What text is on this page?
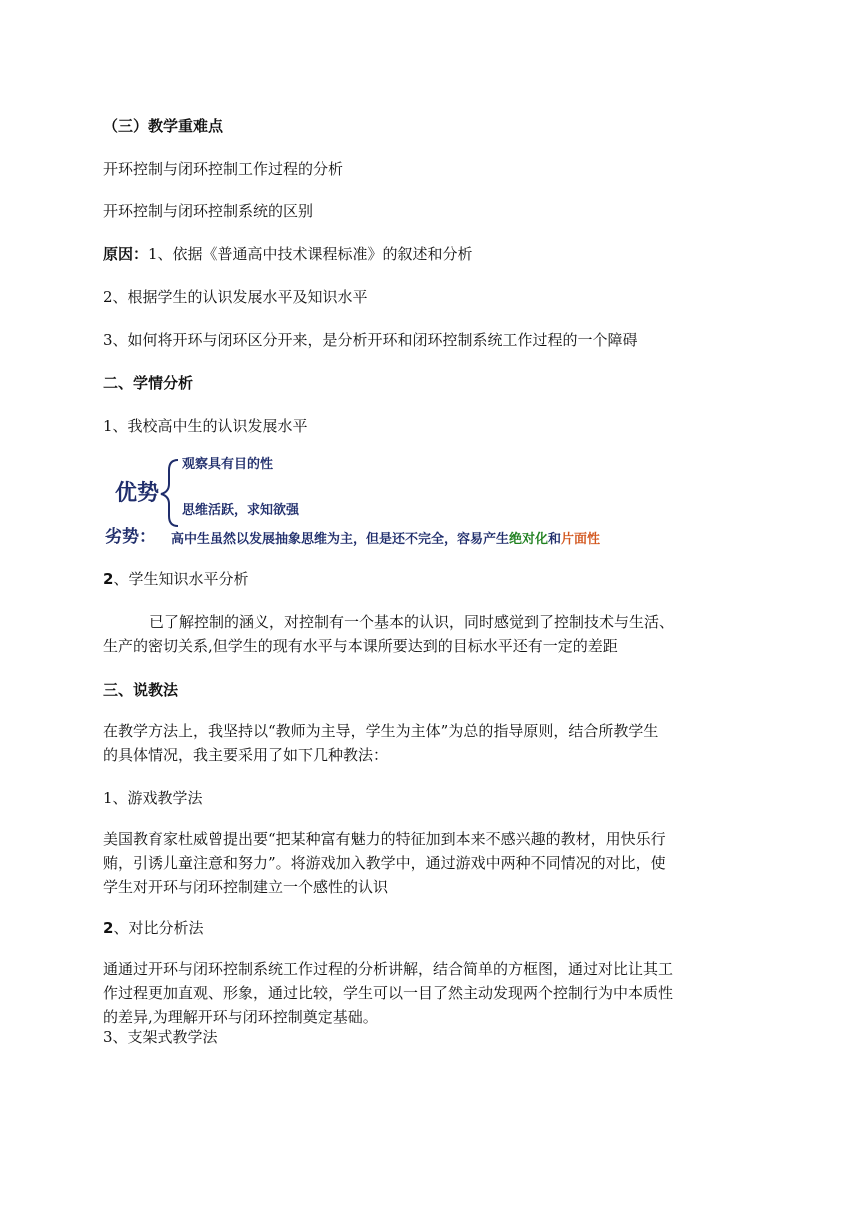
（三）教学重难点
开环控制与闭环控制工作过程的分析
开环控制与闭环控制系统的区别
原因：1、依据《普通高中技术课程标准》的叙述和分析
2、根据学生的认识发展水平及知识水平
3、如何将开环与闭环区分开来，是分析开环和闭环控制系统工作过程的一个障碍
二、学情分析
1、我校高中生的认识发展水平
优势
观察具有目的性
思维活跃，求知欲强
劣势： 高中生虽然以发展抽象思维为主，但是还不完全，容易产生绝对化和片面性
2、学生知识水平分析
已了解控制的涵义，对控制有一个基本的认识，同时感觉到了控制技术与生活、
生产的密切关系,但学生的现有水平与本课所要达到的目标水平还有一定的差距
三、说教法
在教学方法上，我坚持以“教师为主导，学生为主体”为总的指导原则，结合所教学生
的具体情况，我主要采用了如下几种教法：
1、游戏教学法
美国教育家杜威曾提出要“把某种富有魅力的特征加到本来不感兴趣的教材，用快乐行
贿，引诱儿童注意和努力”。将游戏加入教学中，通过游戏中两种不同情况的对比，使
学生对开环与闭环控制建立一个感性的认识
2、对比分析法
通通过开环与闭环控制系统工作过程的分析讲解，结合简单的方框图，通过对比让其工
作过程更加直观、形象，通过比较，学生可以一目了然主动发现两个控制行为中本质性
的差异,为理解开环与闭环控制奠定基础。
3、支架式教学法
